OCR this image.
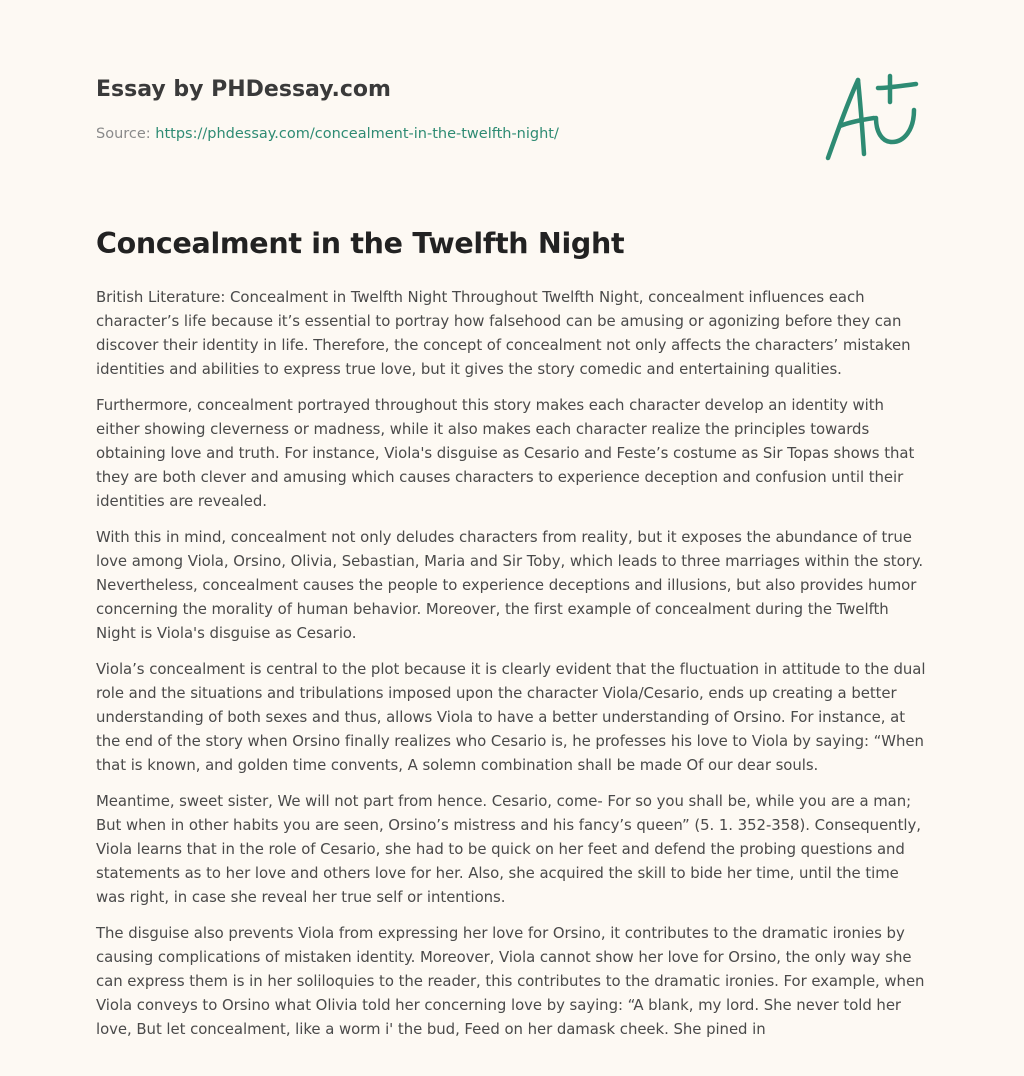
Essay by PHDessay.com
Source: https://phdessay.com/concealment-in-the-twelfth-night/
Concealment in the Twelfth Night

British Literature: Concealment in Twelfth Night Throughout Twelfth Night, concealment influences each character’s life because it’s essential to portray how falsehood can be amusing or agonizing before they can discover their identity in life. Therefore, the concept of concealment not only affects the characters’ mistaken identities and abilities to express true love, but it gives the story comedic and entertaining qualities.

Furthermore, concealment portrayed throughout this story makes each character develop an identity with either showing cleverness or madness, while it also makes each character realize the principles towards obtaining love and truth. For instance, Viola's disguise as Cesario and Feste’s costume as Sir Topas shows that they are both clever and amusing which causes characters to experience deception and confusion until their identities are revealed.

With this in mind, concealment not only deludes characters from reality, but it exposes the abundance of true love among Viola, Orsino, Olivia, Sebastian, Maria and Sir Toby, which leads to three marriages within the story. Nevertheless, concealment causes the people to experience deceptions and illusions, but also provides humor concerning the morality of human behavior. Moreover, the first example of concealment during the Twelfth Night is Viola's disguise as Cesario.

Viola’s concealment is central to the plot because it is clearly evident that the fluctuation in attitude to the dual role and the situations and tribulations imposed upon the character Viola/Cesario, ends up creating a better understanding of both sexes and thus, allows Viola to have a better understanding of Orsino. For instance, at the end of the story when Orsino finally realizes who Cesario is, he professes his love to Viola by saying: “When that is known, and golden time convents, A solemn combination shall be made Of our dear souls.

Meantime, sweet sister, We will not part from hence. Cesario, come- For so you shall be, while you are a man; But when in other habits you are seen, Orsino’s mistress and his fancy’s queen” (5. 1. 352-358). Consequently, Viola learns that in the role of Cesario, she had to be quick on her feet and defend the probing questions and statements as to her love and others love for her. Also, she acquired the skill to bide her time, until the time was right, in case she reveal her true self or intentions.

The disguise also prevents Viola from expressing her love for Orsino, it contributes to the dramatic ironies by causing complications of mistaken identity. Moreover, Viola cannot show her love for Orsino, the only way she can express them is in her soliloquies to the reader, this contributes to the dramatic ironies. For example, when Viola conveys to Orsino what Olivia told her concerning love by saying: “A blank, my lord. She never told her love, But let concealment, like a worm i' the bud, Feed on her damask cheek. She pined in
